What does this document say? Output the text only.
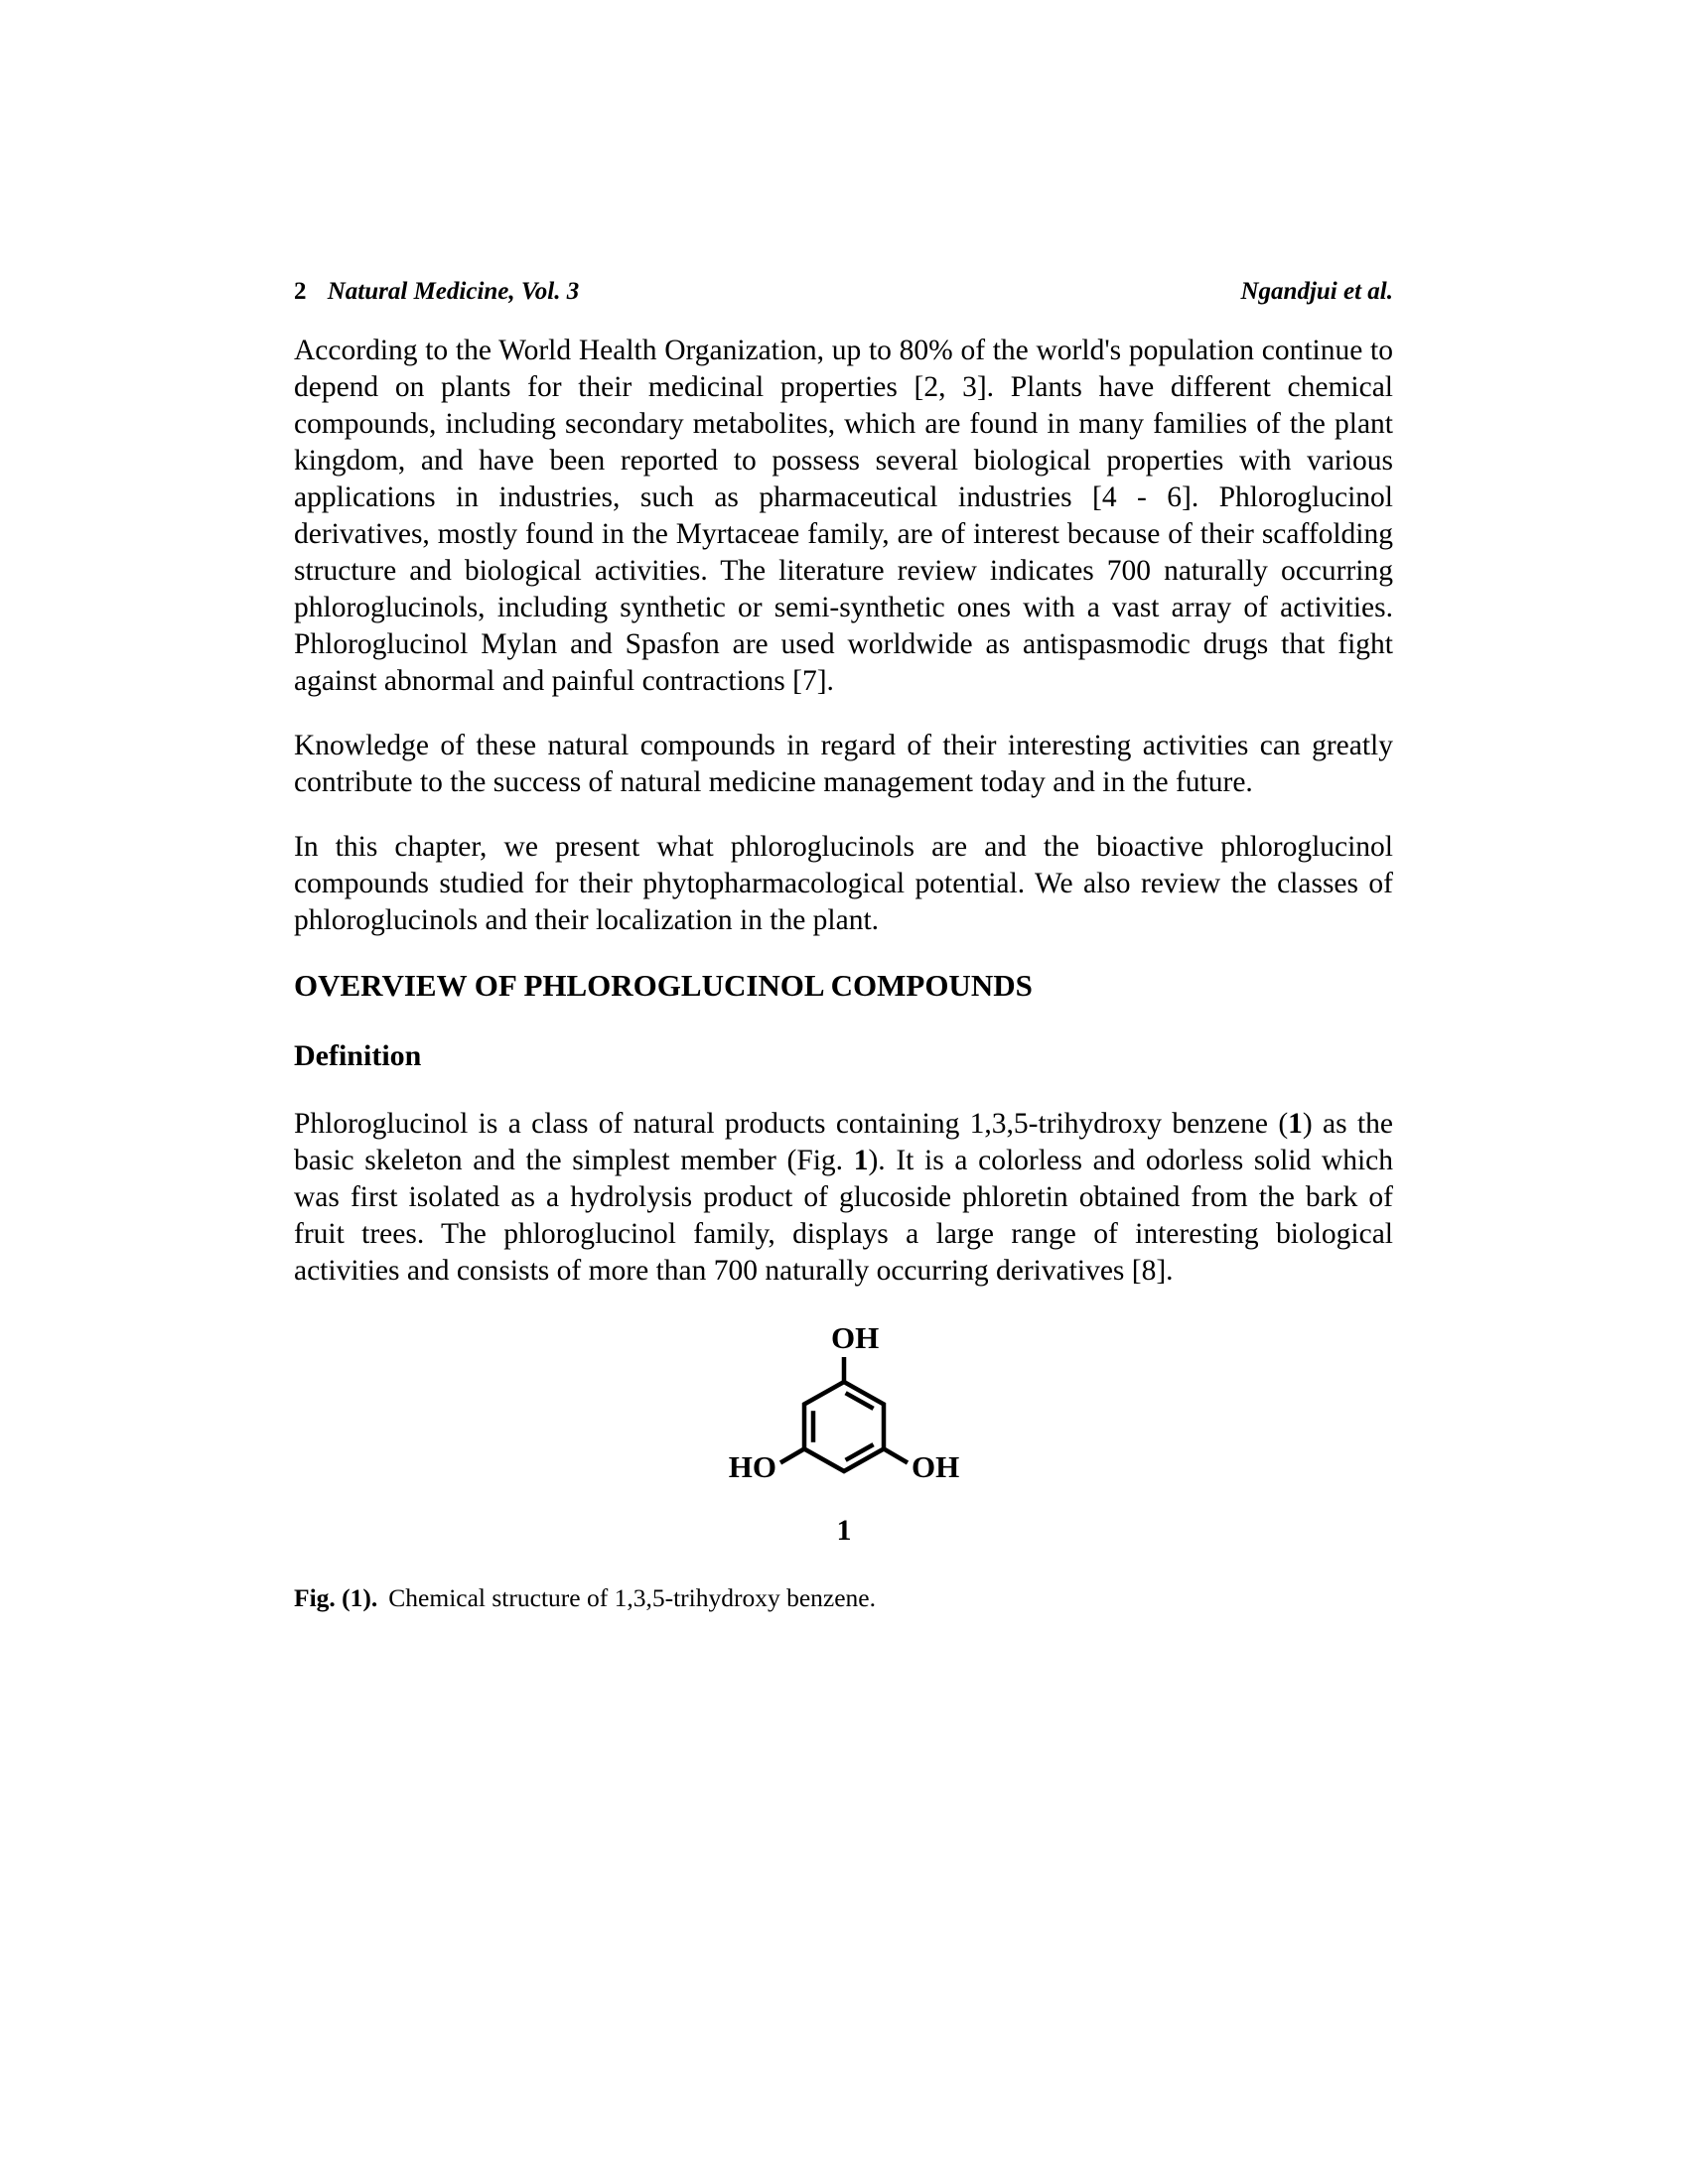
2 Natural Medicine, Vol. 3	Ngandjui et al.

According to the World Health Organization, up to 80% of the world's population continue to depend on plants for their medicinal properties [2, 3]. Plants have different chemical compounds, including secondary metabolites, which are found in many families of the plant kingdom, and have been reported to possess several biological properties with various applications in industries, such as pharmaceutical industries [4 - 6]. Phloroglucinol derivatives, mostly found in the Myrtaceae family, are of interest because of their scaffolding structure and biological activities. The literature review indicates 700 naturally occurring phloroglucinols, including synthetic or semi-synthetic ones with a vast array of activities. Phloroglucinol Mylan and Spasfon are used worldwide as antispasmodic drugs that fight against abnormal and painful contractions [7].

Knowledge of these natural compounds in regard of their interesting activities can greatly contribute to the success of natural medicine management today and in the future.

In this chapter, we present what phloroglucinols are and the bioactive phloroglucinol compounds studied for their phytopharmacological potential. We also review the classes of phloroglucinols and their localization in the plant.

OVERVIEW OF PHLOROGLUCINOL COMPOUNDS
Definition

Phloroglucinol is a class of natural products containing 1,3,5-trihydroxy benzene (1) as the basic skeleton and the simplest member (Fig. 1). It is a colorless and odorless solid which was first isolated as a hydrolysis product of glucoside phloretin obtained from the bark of fruit trees. The phloroglucinol family, displays a large range of interesting biological activities and consists of more than 700 naturally occurring derivatives [8].

OH
HO	OH
1

Fig. (1). Chemical structure of 1,3,5-trihydroxy benzene.
